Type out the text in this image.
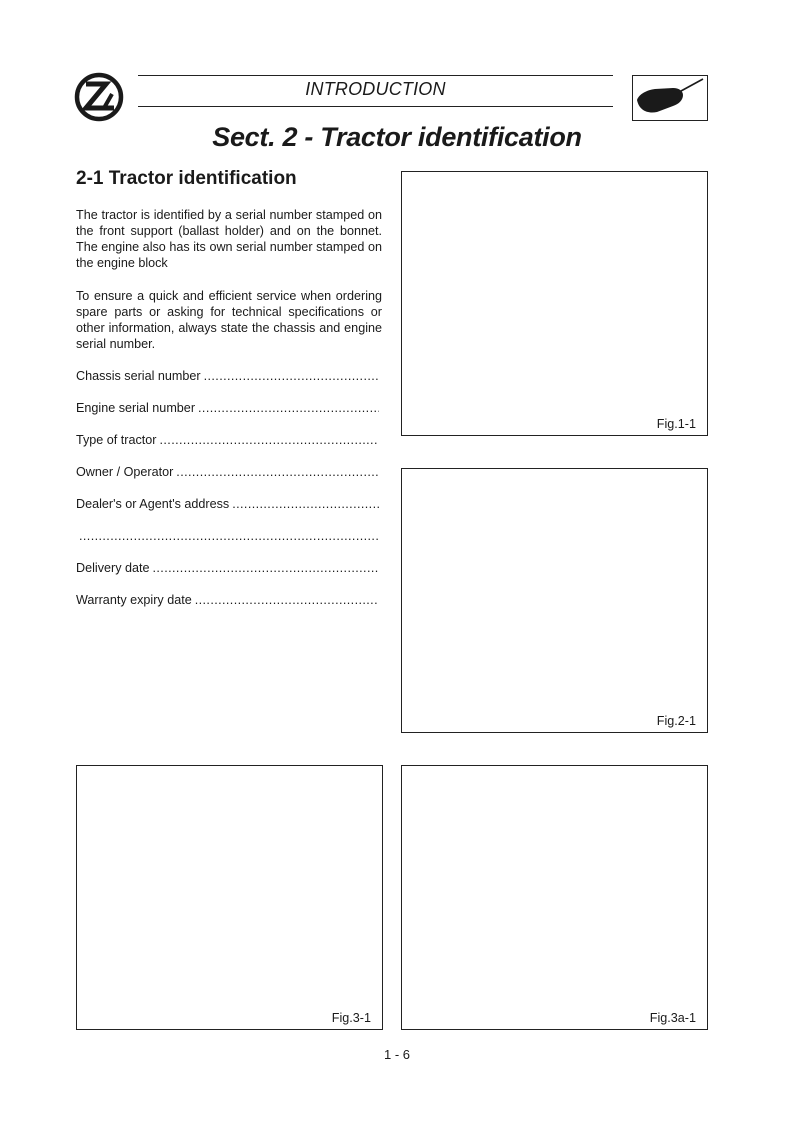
INTRODUCTION
Sect. 2 - Tractor identification
2-1 Tractor identification

The tractor is identified by a serial number stamped on the front support (ballast holder) and on the bonnet. The engine also has its own serial number stamped on the engine block

To ensure a quick and efficient service when ordering spare parts or asking for technical specifications or other information, always state the chassis and engine serial number.

Chassis serial number
.....
Engine serial number
.....
Type of tractor
.....
Owner / Operator
.....
Dealer's or Agent's address
.....
.....
Delivery date
.....
Warranty expiry date
.....
Fig.1-1
Fig.2-1
Fig.3-1	Fig.3a-1
1 - 6
